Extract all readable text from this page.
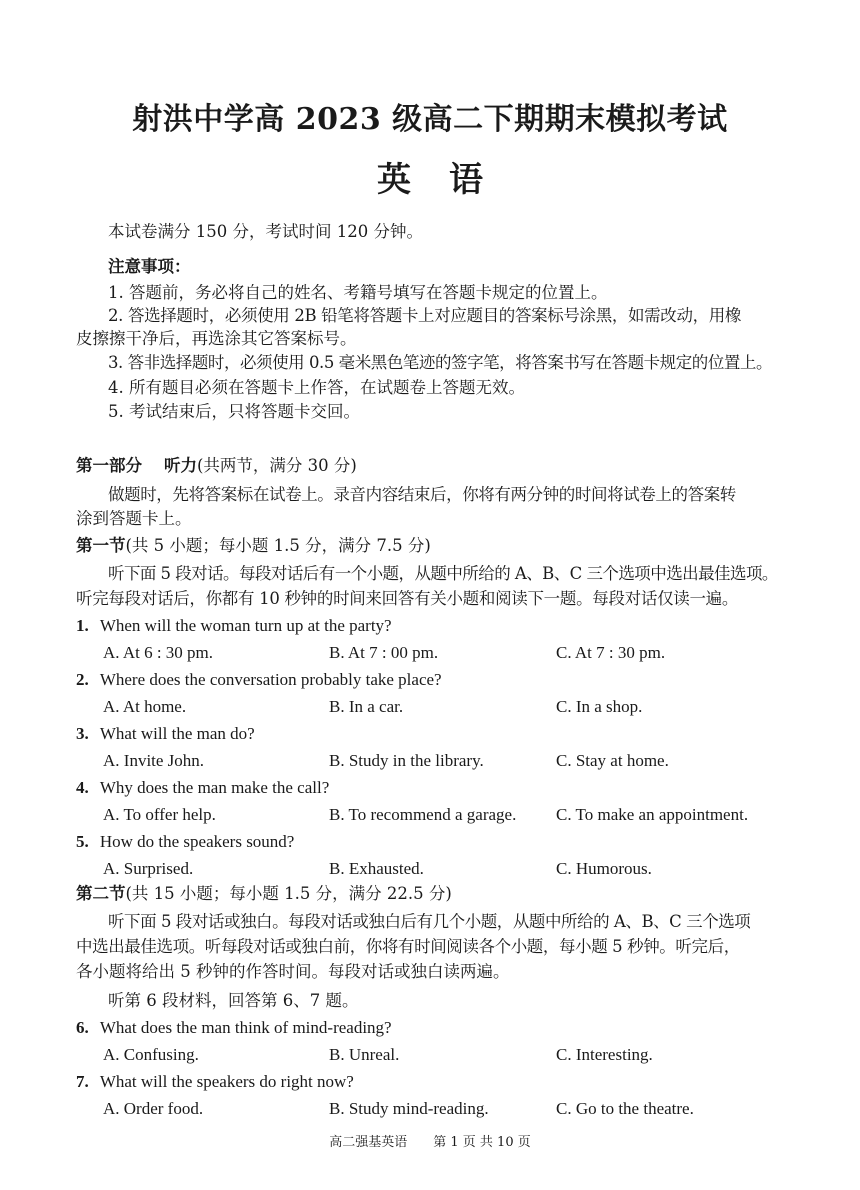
射洪中学高 2023 级高二下期期末模拟考试
英语
本试卷满分 150 分，考试时间 120 分钟。
注意事项：
1. 答题前，务必将自己的姓名、考籍号填写在答题卡规定的位置上。
2. 答选择题时，必须使用 2B 铅笔将答题卡上对应题目的答案标号涂黑，如需改动，用橡
皮擦擦干净后，再选涂其它答案标号。
3. 答非选择题时，必须使用 0.5 毫米黑色笔迹的签字笔，将答案书写在答题卡规定的位置上。
4. 所有题目必须在答题卡上作答，在试题卷上答题无效。
5. 考试结束后，只将答题卡交回。
第一部分 听力(共两节，满分 30 分)
做题时，先将答案标在试卷上。录音内容结束后，你将有两分钟的时间将试卷上的答案转
涂到答题卡上。
第一节(共 5 小题；每小题 1.5 分，满分 7.5 分)
听下面 5 段对话。每段对话后有一个小题，从题中所给的 A、B、C 三个选项中选出最佳选项。
听完每段对话后，你都有 10 秒钟的时间来回答有关小题和阅读下一题。每段对话仅读一遍。
1. When will the woman turn up at the party?
A. At 6 : 30 pm.	B. At 7 : 00 pm.	C. At 7 : 30 pm.
2. Where does the conversation probably take place?
A. At home.	B. In a car.	C. In a shop.
3. What will the man do?
A. Invite John.	B. Study in the library.	C. Stay at home.
4. Why does the man make the call?
A. To offer help.	B. To recommend a garage. C. To make an appointment.
5. How do the speakers sound?
A. Surprised.	B. Exhausted.	C. Humorous.
第二节(共 15 小题；每小题 1.5 分，满分 22.5 分)
听下面 5 段对话或独白。每段对话或独白后有几个小题，从题中所给的 A、B、C 三个选项
中选出最佳选项。听每段对话或独白前，你将有时间阅读各个小题，每小题 5 秒钟。听完后，
各小题将给出 5 秒钟的作答时间。每段对话或独白读两遍。
听第 6 段材料，回答第 6、7 题。
6. What does the man think of mind-reading?
A. Confusing.	B. Unreal.	C. Interesting.
7. What will the speakers do right now?
A. Order food.	B. Study mind-reading.	C. Go to the theatre.
高二强基英语　　第 1 页 共 10 页
